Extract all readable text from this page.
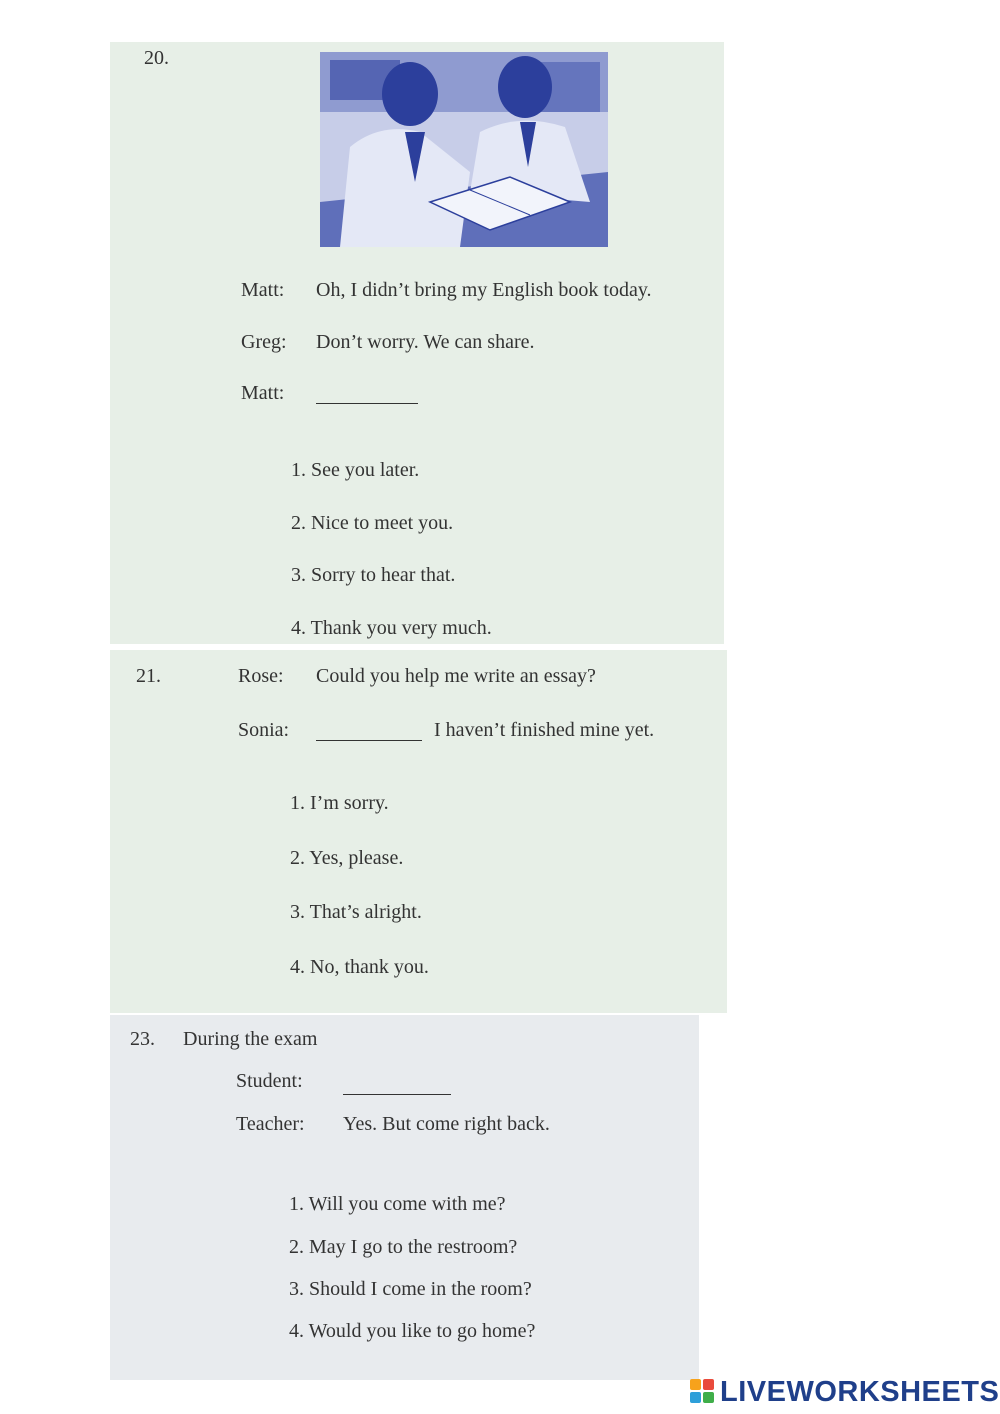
20.
Matt: Oh, I didn’t bring my English book today.
Greg: Don’t worry. We can share.
Matt:
1. See you later.
2. Nice to meet you.
3. Sorry to hear that.
4. Thank you very much.
21.	Rose: Could you help me write an essay?
Sonia:	I haven’t finished mine yet.
1. I’m sorry.
2. Yes, please.
3. That’s alright.
4. No, thank you.
23. During the exam
Student:
Teacher: Yes. But come right back.
1. Will you come with me?
2. May I go to the restroom?
3. Should I come in the room?
4. Would you like to go home?
LIVEWORKSHEETS
